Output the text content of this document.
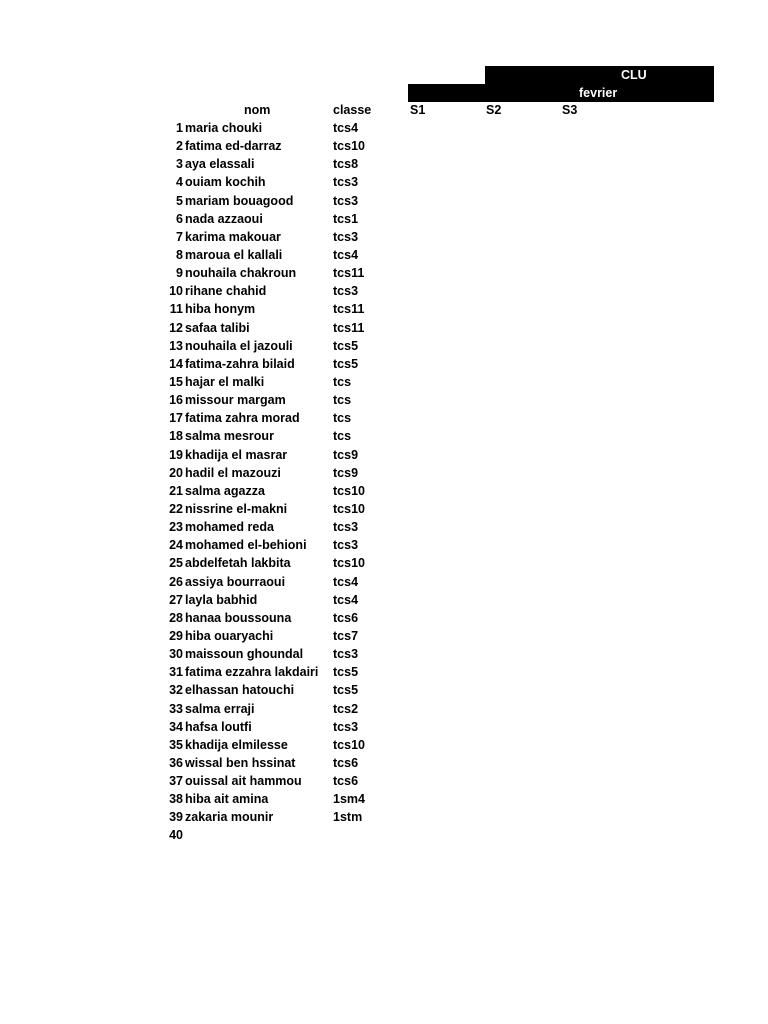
CLU
fevrier
nom	classe	S1	S2	S3
1 maria chouki	tcs4
2 fatima ed-darraz	tcs10
3 aya elassali	tcs8
4 ouiam kochih	tcs3
5 mariam bouagood	tcs3
6 nada azzaoui	tcs1
7 karima makouar	tcs3
8 maroua el kallali	tcs4
9 nouhaila chakroun	tcs11
10 rihane chahid	tcs3
11 hiba honym	tcs11
12 safaa talibi	tcs11
13 nouhaila el jazouli	tcs5
14 fatima-zahra bilaid	tcs5
15 hajar el malki	tcs
16 missour margam	tcs
17 fatima zahra morad	tcs
18 salma mesrour	tcs
19 khadija el masrar	tcs9
20 hadil el mazouzi	tcs9
21 salma agazza	tcs10
22 nissrine el-makni	tcs10
23 mohamed reda	tcs3
24 mohamed el-behioni tcs3
25 abdelfetah lakbita	tcs10
26 assiya bourraoui	tcs4
27 layla babhid	tcs4
28 hanaa boussouna	tcs6
29 hiba ouaryachi	tcs7
30 maissoun ghoundal tcs3
31 fatima ezzahra lakdairi tcs5
32 elhassan hatouchi	tcs5
33 salma erraji	tcs2
34 hafsa loutfi	tcs3
35 khadija elmilesse	tcs10
36 wissal ben hssinat	tcs6
37 ouissal ait hammou	tcs6
38 hiba ait amina	1sm4
39 zakaria mounir	1stm
40
